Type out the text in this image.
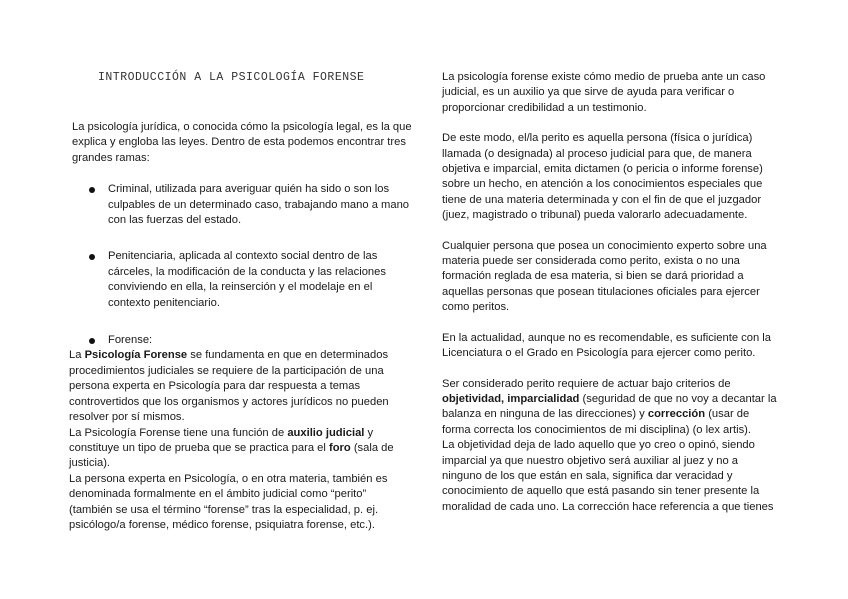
INTRODUCCIÓN A LA PSICOLOGÍA FORENSE

La psicología jurídica, o conocida cómo la psicología legal, es la que explica y engloba las leyes. Dentro de esta podemos encontrar tres grandes ramas:

Criminal, utilizada para averiguar quién ha sido o son los culpables de un determinado caso, trabajando mano a mano con las fuerzas del estado.
Penitenciaria, aplicada al contexto social dentro de las cárceles, la modificación de la conducta y las relaciones conviviendo en ella, la reinserción y el modelaje en el contexto penitenciario.
Forense:

La Psicología Forense se fundamenta en que en determinados procedimientos judiciales se requiere de la participación de una persona experta en Psicología para dar respuesta a temas controvertidos que los organismos y actores jurídicos no pueden resolver por sí mismos.

La Psicología Forense tiene una función de auxilio judicial y constituye un tipo de prueba que se practica para el foro (sala de justicia).

La persona experta en Psicología, o en otra materia, también es denominada formalmente en el ámbito judicial como “perito” (también se usa el término “forense” tras la especialidad, p. ej. psicólogo/a forense, médico forense, psiquiatra forense, etc.).

La psicología forense existe cómo medio de prueba ante un caso judicial, es un auxilio ya que sirve de ayuda para verificar o proporcionar credibilidad a un testimonio.

De este modo, el/la perito es aquella persona (física o jurídica) llamada (o designada) al proceso judicial para que, de manera objetiva e imparcial, emita dictamen (o pericia o informe forense) sobre un hecho, en atención a los conocimientos especiales que tiene de una materia determinada y con el fin de que el juzgador (juez, magistrado o tribunal) pueda valorarlo adecuadamente.

Cualquier persona que posea un conocimiento experto sobre una materia puede ser considerada como perito, exista o no una formación reglada de esa materia, si bien se dará prioridad a aquellas personas que posean titulaciones oficiales para ejercer como peritos.

En la actualidad, aunque no es recomendable, es suficiente con la Licenciatura o el Grado en Psicología para ejercer como perito.

Ser considerado perito requiere de actuar bajo criterios de objetividad, imparcialidad (seguridad de que no voy a decantar la balanza en ninguna de las direcciones) y corrección (usar de forma correcta los conocimientos de mi disciplina) (o lex artis).

La objetividad deja de lado aquello que yo creo o opinó, siendo imparcial ya que nuestro objetivo será auxiliar al juez y no a ninguno de los que están en sala, significa dar veracidad y conocimiento de aquello que está pasando sin tener presente la moralidad de cada uno. La corrección hace referencia a que tienes
